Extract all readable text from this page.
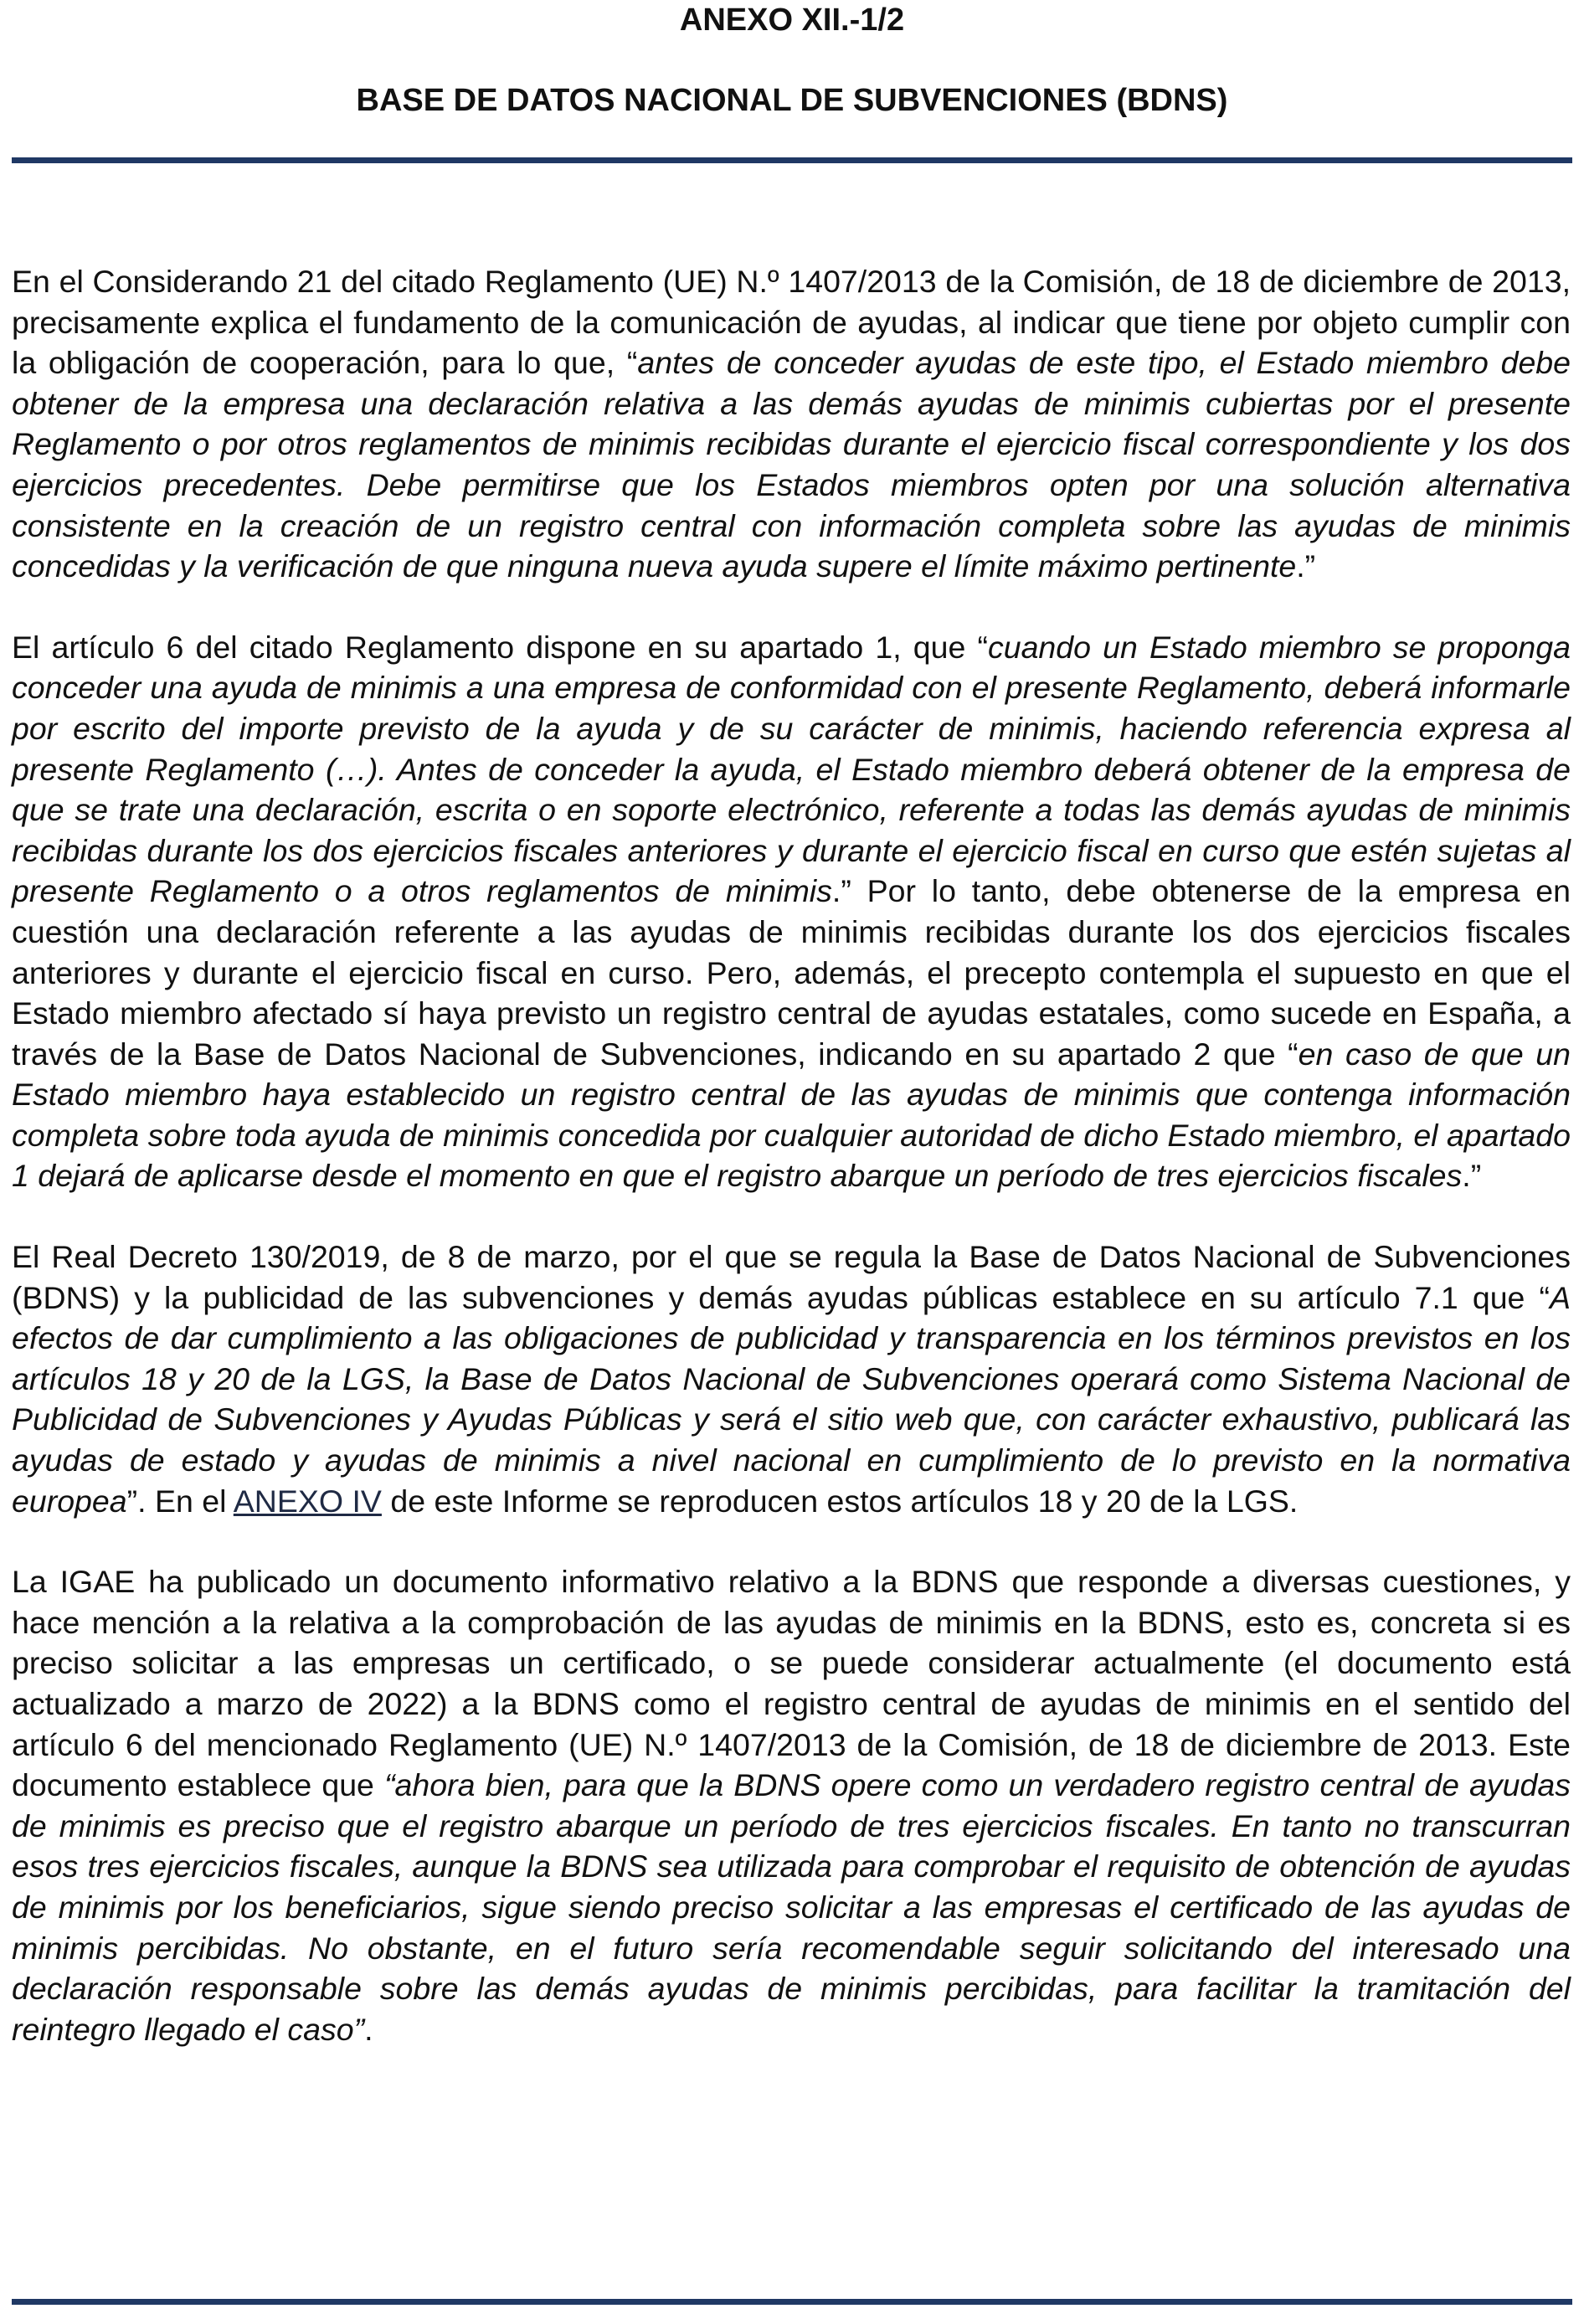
ANEXO XII.-1/2
BASE DE DATOS NACIONAL DE SUBVENCIONES (BDNS)

En el Considerando 21 del citado Reglamento (UE) N.º 1407/2013 de la Comisión, de 18 de diciembre de 2013, precisamente explica el fundamento de la comunicación de ayudas, al indicar que tiene por objeto cumplir con la obligación de cooperación, para lo que, “antes de conceder ayudas de este tipo, el Estado miembro debe obtener de la empresa una declaración relativa a las demás ayudas de minimis cubiertas por el presente Reglamento o por otros reglamentos de minimis recibidas durante el ejercicio fiscal correspondiente y los dos ejercicios precedentes. Debe permitirse que los Estados miembros opten por una solución alternativa consistente en la creación de un registro central con información completa sobre las ayudas de minimis concedidas y la verificación de que ninguna nueva ayuda supere el límite máximo pertinente.”

El artículo 6 del citado Reglamento dispone en su apartado 1, que “cuando un Estado miembro se proponga conceder una ayuda de minimis a una empresa de conformidad con el presente Reglamento, deberá informarle por escrito del importe previsto de la ayuda y de su carácter de minimis, haciendo referencia expresa al presente Reglamento (…). Antes de conceder la ayuda, el Estado miembro deberá obtener de la empresa de que se trate una declaración, escrita o en soporte electrónico, referente a todas las demás ayudas de minimis recibidas durante los dos ejercicios fiscales anteriores y durante el ejercicio fiscal en curso que estén sujetas al presente Reglamento o a otros reglamentos de minimis.” Por lo tanto, debe obtenerse de la empresa en cuestión una declaración referente a las ayudas de minimis recibidas durante los dos ejercicios fiscales anteriores y durante el ejercicio fiscal en curso. Pero, además, el precepto contempla el supuesto en que el Estado miembro afectado sí haya previsto un registro central de ayudas estatales, como sucede en España, a través de la Base de Datos Nacional de Subvenciones, indicando en su apartado 2 que “en caso de que un Estado miembro haya establecido un registro central de las ayudas de minimis que contenga información completa sobre toda ayuda de minimis concedida por cualquier autoridad de dicho Estado miembro, el apartado 1 dejará de aplicarse desde el momento en que el registro abarque un período de tres ejercicios fiscales.”

El Real Decreto 130/2019, de 8 de marzo, por el que se regula la Base de Datos Nacional de Subvenciones (BDNS) y la publicidad de las subvenciones y demás ayudas públicas establece en su artículo 7.1 que “A efectos de dar cumplimiento a las obligaciones de publicidad y transparencia en los términos previstos en los artículos 18 y 20 de la LGS, la Base de Datos Nacional de Subvenciones operará como Sistema Nacional de Publicidad de Subvenciones y Ayudas Públicas y será el sitio web que, con carácter exhaustivo, publicará las ayudas de estado y ayudas de minimis a nivel nacional en cumplimiento de lo previsto en la normativa europea”. En el ANEXO IV de este Informe se reproducen estos artículos 18 y 20 de la LGS.

La IGAE ha publicado un documento informativo relativo a la BDNS que responde a diversas cuestiones, y hace mención a la relativa a la comprobación de las ayudas de minimis en la BDNS, esto es, concreta si es preciso solicitar a las empresas un certificado, o se puede considerar actualmente (el documento está actualizado a marzo de 2022) a la BDNS como el registro central de ayudas de minimis en el sentido del artículo 6 del mencionado Reglamento (UE) N.º 1407/2013 de la Comisión, de 18 de diciembre de 2013. Este documento establece que “ahora bien, para que la BDNS opere como un verdadero registro central de ayudas de minimis es preciso que el registro abarque un período de tres ejercicios fiscales. En tanto no transcurran esos tres ejercicios fiscales, aunque la BDNS sea utilizada para comprobar el requisito de obtención de ayudas de minimis por los beneficiarios, sigue siendo preciso solicitar a las empresas el certificado de las ayudas de minimis percibidas. No obstante, en el futuro sería recomendable seguir solicitando del interesado una declaración responsable sobre las demás ayudas de minimis percibidas, para facilitar la tramitación del reintegro llegado el caso”.
